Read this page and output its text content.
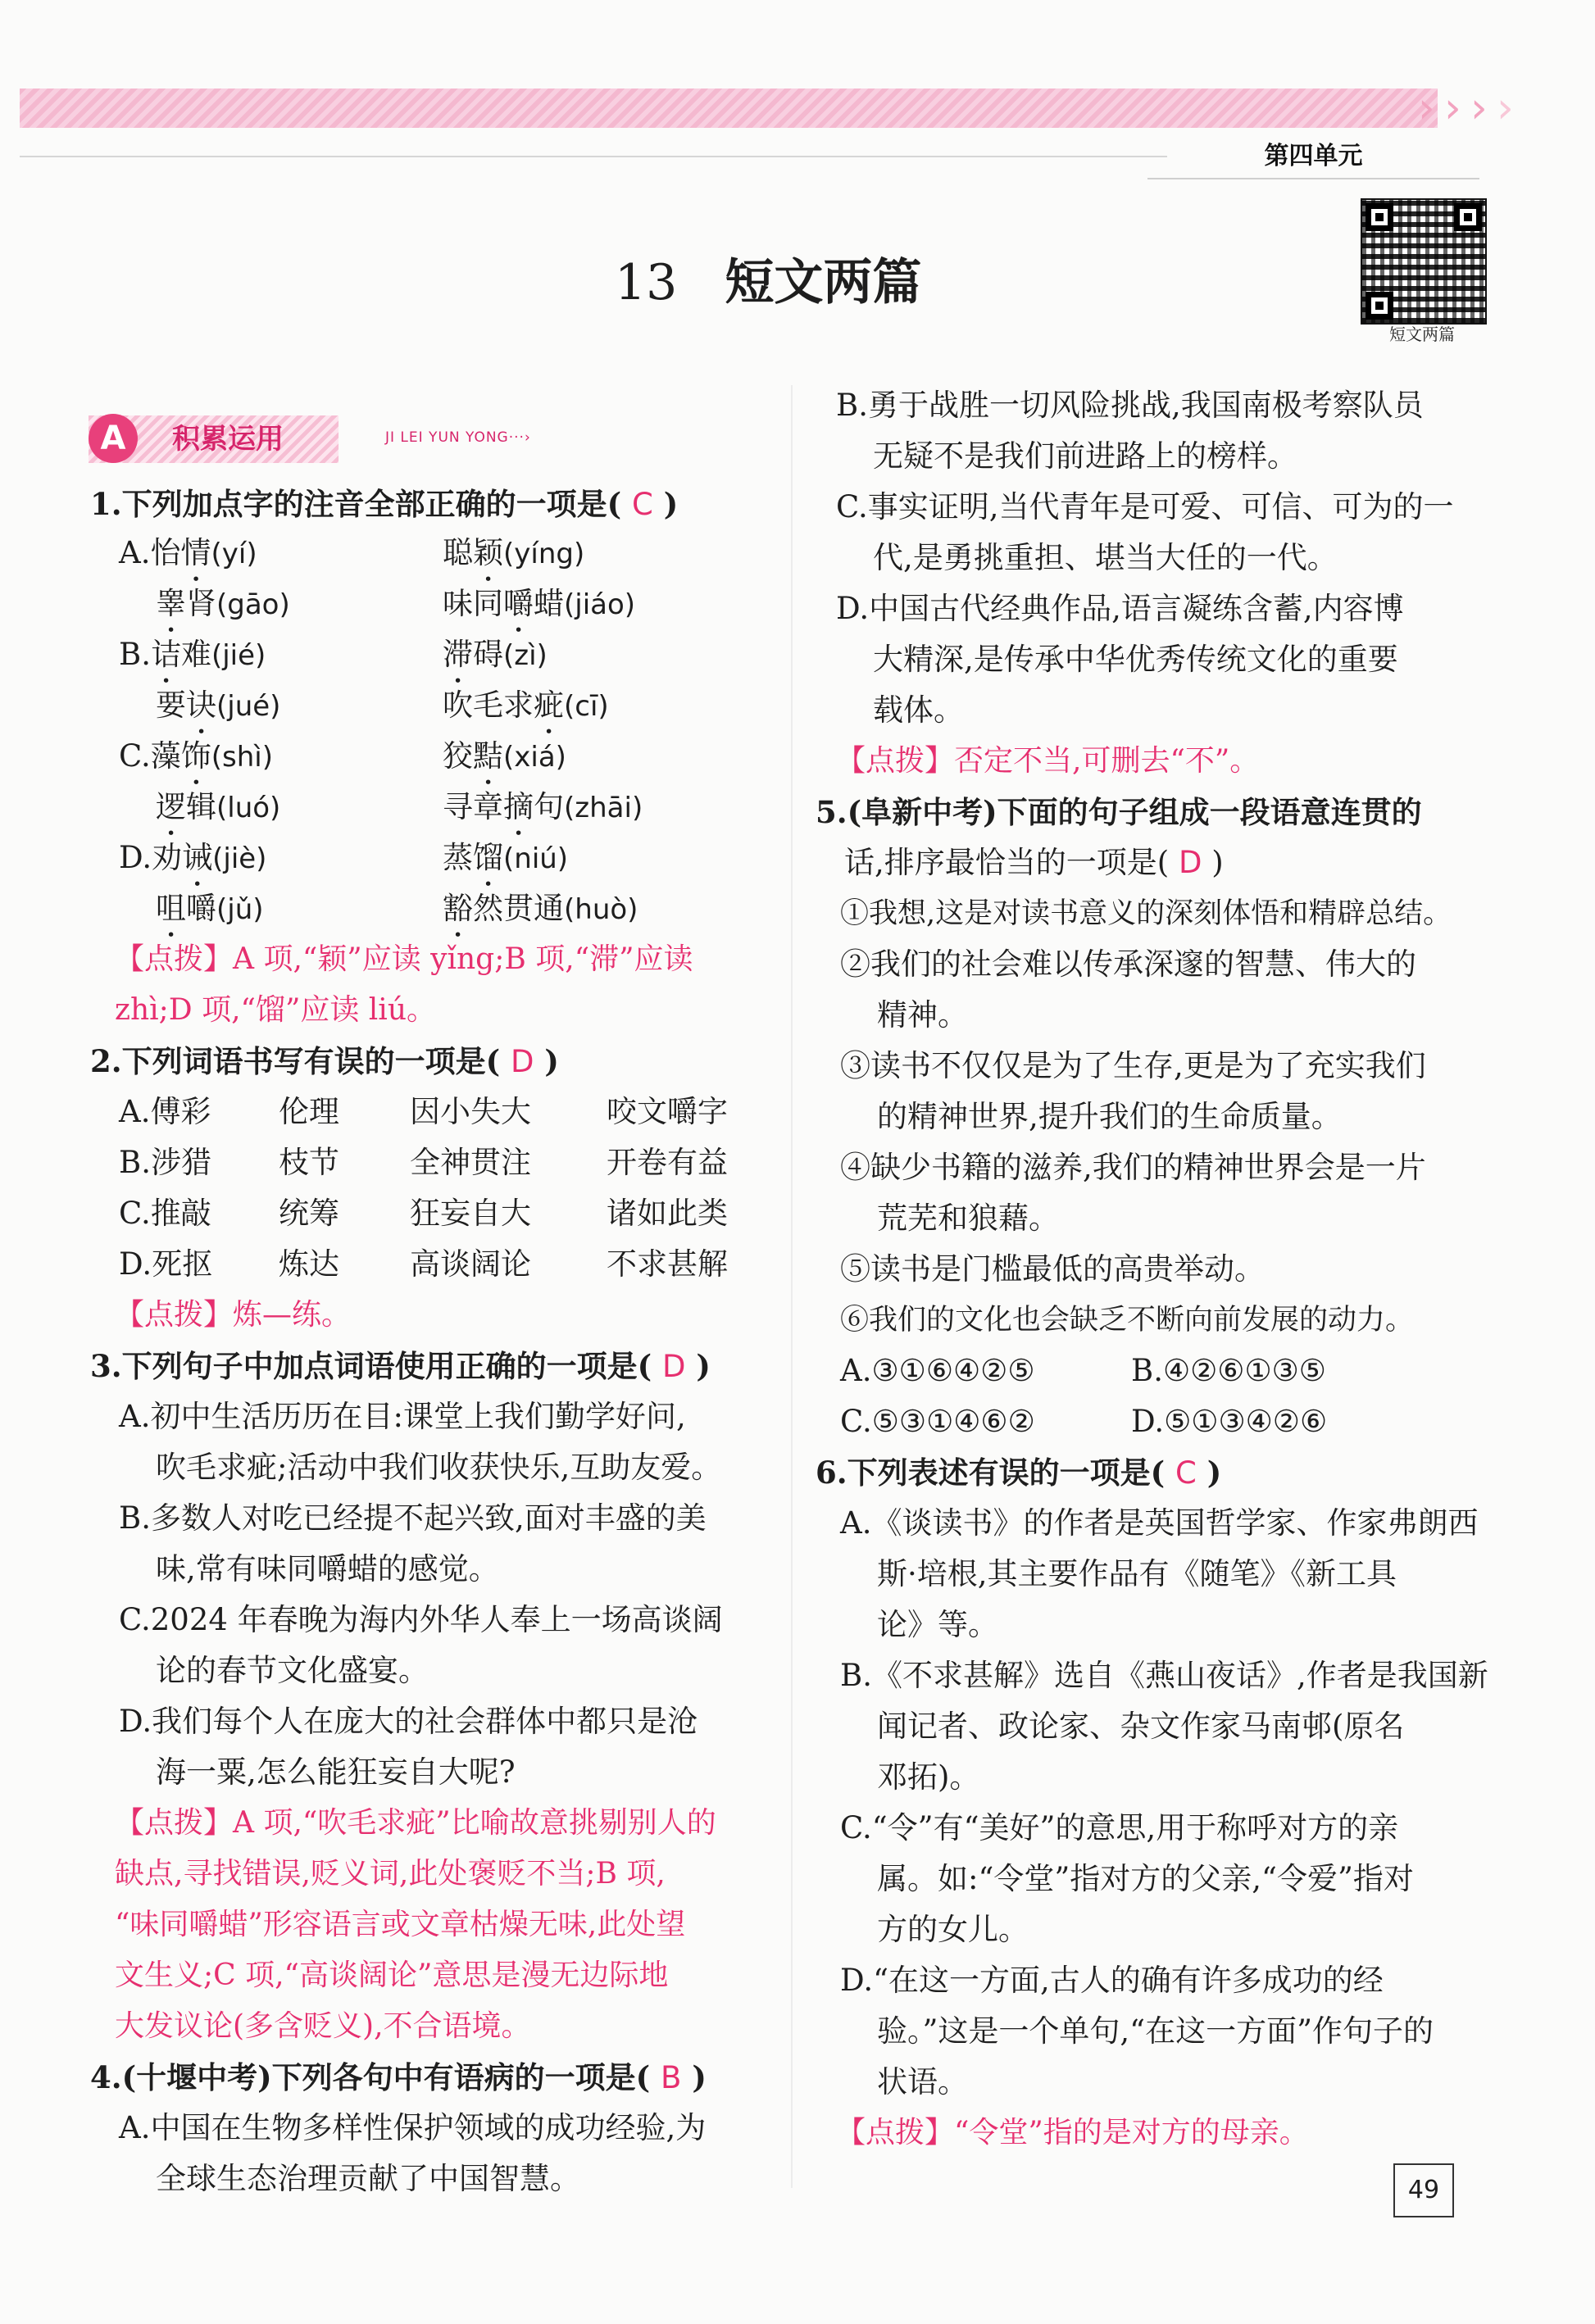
› › › ›
第四单元
短文两篇
13 短文两篇
A	积累运用	JI LEI YUN YONG···›
1.下列加点字的注音全部正确的一项是( C )
A.怡情(yí)	聪颖(yíng)
睾肾(gāo)	味同嚼蜡(jiáo)
B.诘难(jié)	滞碍(zì)
要诀(jué)	吹毛求疵(cī)
C.藻饰(shì)	狡黠(xiá)
逻辑(luó)	寻章摘句(zhāi)
D.劝诫(jiè)	蒸馏(niú)
咀嚼(jǔ)	豁然贯通(huò)
【点拨】A 项,“颖”应读 yǐng;B 项,“滞”应读
zhì;D 项,“馏”应读 liú。
2.下列词语书写有误的一项是( D )
A.傅彩 伦理 因小失大 咬文嚼字
B.涉猎 枝节 全神贯注 开卷有益
C.推敲 统筹 狂妄自大 诸如此类
D.死抠 炼达 高谈阔论 不求甚解
【点拨】炼—练。
3.下列句子中加点词语使用正确的一项是( D )
A.初中生活历历在目:课堂上我们勤学好问,
吹毛求疵;活动中我们收获快乐,互助友爱。
B.多数人对吃已经提不起兴致,面对丰盛的美
味,常有味同嚼蜡的感觉。
C.2024 年春晚为海内外华人奉上一场高谈阔
论的春节文化盛宴。
D.我们每个人在庞大的社会群体中都只是沧
海一粟,怎么能狂妄自大呢?
【点拨】A 项,“吹毛求疵”比喻故意挑剔别人的
缺点,寻找错误,贬义词,此处褒贬不当;B 项,
“味同嚼蜡”形容语言或文章枯燥无味,此处望
文生义;C 项,“高谈阔论”意思是漫无边际地
大发议论(多含贬义),不合语境。
4.(十堰中考)下列各句中有语病的一项是( B )
A.中国在生物多样性保护领域的成功经验,为
全球生态治理贡献了中国智慧。
B.勇于战胜一切风险挑战,我国南极考察队员
无疑不是我们前进路上的榜样。
C.事实证明,当代青年是可爱、可信、可为的一
代,是勇挑重担、堪当大任的一代。
D.中国古代经典作品,语言凝练含蓄,内容博
大精深,是传承中华优秀传统文化的重要
载体。
【点拨】否定不当,可删去“不”。
5.(阜新中考)下面的句子组成一段语意连贯的
话,排序最恰当的一项是( D )
①我想,这是对读书意义的深刻体悟和精辟总结。
②我们的社会难以传承深邃的智慧、伟大的
精神。
③读书不仅仅是为了生存,更是为了充实我们
的精神世界,提升我们的生命质量。
④缺少书籍的滋养,我们的精神世界会是一片
荒芜和狼藉。
⑤读书是门槛最低的高贵举动。
⑥我们的文化也会缺乏不断向前发展的动力。
A.③①⑥④②⑤	B.④②⑥①③⑤
C.⑤③①④⑥②	D.⑤①③④②⑥
6.下列表述有误的一项是( C )
A.《谈读书》的作者是英国哲学家、作家弗朗西
斯·培根,其主要作品有《随笔》《新工具
论》等。
B.《不求甚解》选自《燕山夜话》,作者是我国新
闻记者、政论家、杂文作家马南邨(原名
邓拓)。
C.“令”有“美好”的意思,用于称呼对方的亲
属。如:“令堂”指对方的父亲,“令爱”指对
方的女儿。
D.“在这一方面,古人的确有许多成功的经
验。”这是一个单句,“在这一方面”作句子的
状语。
【点拨】“令堂”指的是对方的母亲。
49
